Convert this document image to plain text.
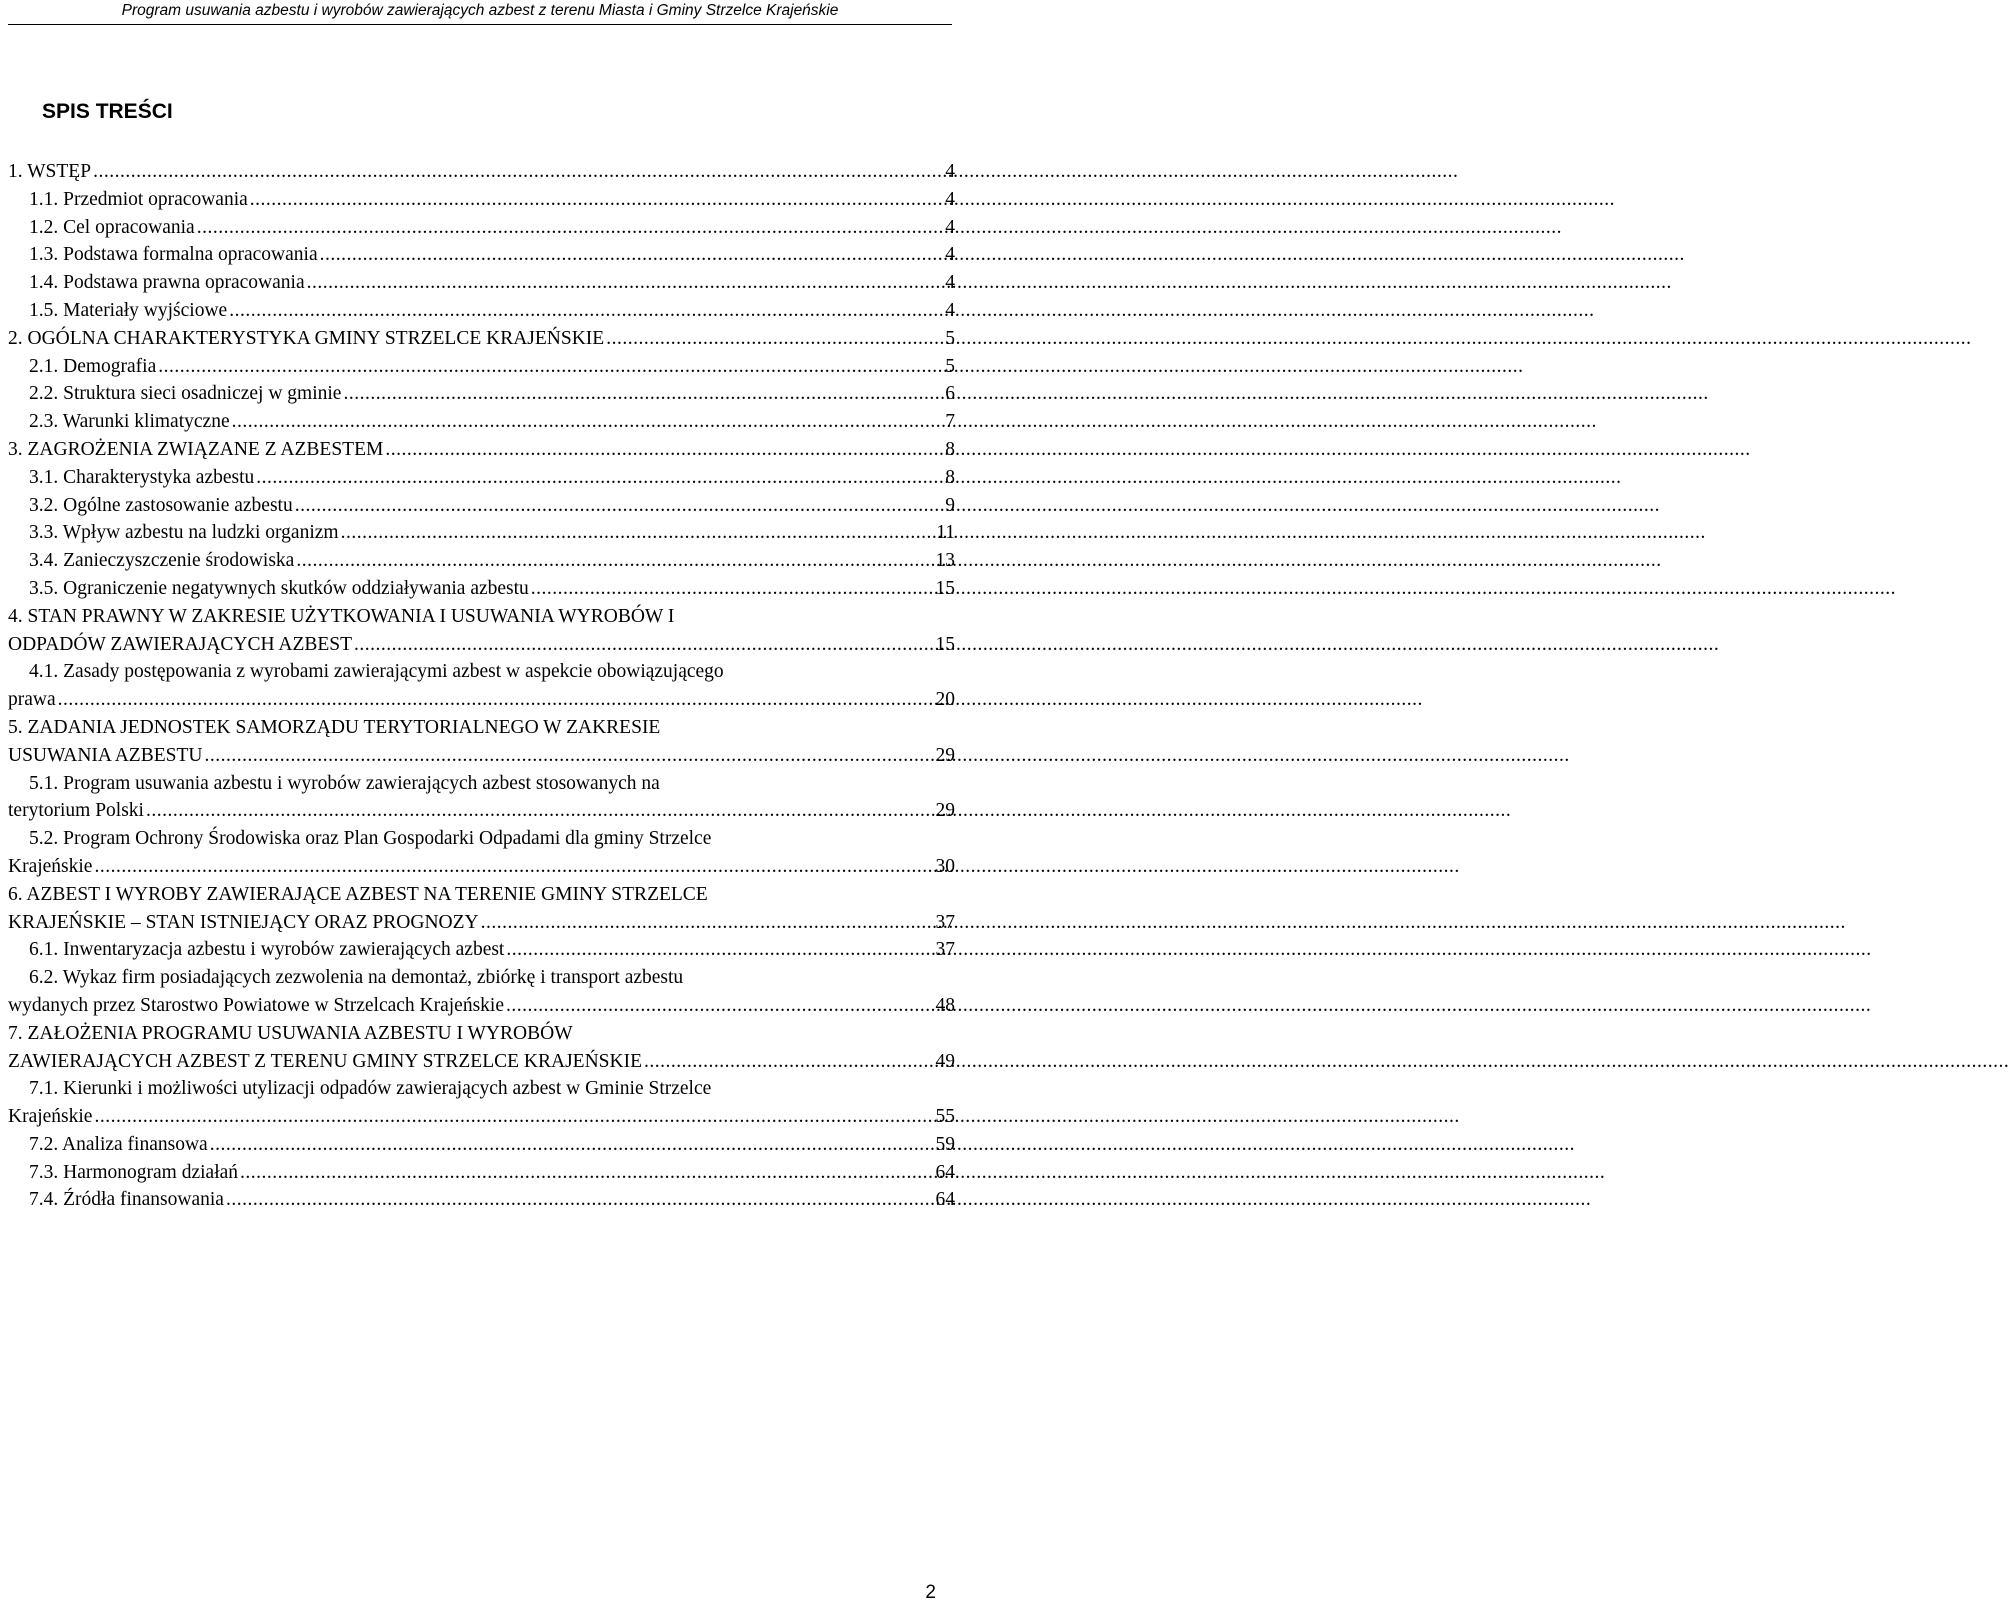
Program usuwania azbestu i wyrobów zawierających azbest z terenu Miasta i Gminy Strzelce Krajeńskie
SPIS TREŚCI
1. WSTĘP .....	4
1.1. Przedmiot opracowania .....	4
1.2. Cel opracowania .....	4
1.3. Podstawa formalna opracowania .....	4
1.4. Podstawa prawna opracowania .....	4
1.5. Materiały wyjściowe .....	4
2. OGÓLNA CHARAKTERYSTYKA GMINY STRZELCE KRAJEŃSKIE .....	5
2.1. Demografia .....	5
2.2. Struktura sieci osadniczej w gminie .....	6
2.3. Warunki klimatyczne .....	7
3. ZAGROŻENIA ZWIĄZANE Z AZBESTEM .....	8
3.1. Charakterystyka azbestu .....	8
3.2. Ogólne zastosowanie azbestu .....	9
3.3. Wpływ azbestu na ludzki organizm .....	11
3.4. Zanieczyszczenie środowiska .....	13
3.5. Ograniczenie negatywnych skutków oddziaływania azbestu .....	15
4. STAN PRAWNY W ZAKRESIE UŻYTKOWANIA I USUWANIA WYROBÓW I
ODPADÓW ZAWIERAJĄCYCH AZBEST .....	15
4.1. Zasady postępowania z wyrobami zawierającymi azbest w aspekcie obowiązującego
prawa .....	20
5. ZADANIA JEDNOSTEK SAMORZĄDU TERYTORIALNEGO W ZAKRESIE
USUWANIA AZBESTU .....	29
5.1. Program usuwania azbestu i wyrobów zawierających azbest stosowanych na
terytorium Polski .....	29
5.2. Program Ochrony Środowiska oraz Plan Gospodarki Odpadami dla gminy Strzelce
Krajeńskie .....	30
6. AZBEST I WYROBY ZAWIERAJĄCE AZBEST NA TERENIE GMINY STRZELCE
KRAJEŃSKIE – STAN ISTNIEJĄCY ORAZ PROGNOZY .....	37
6.1. Inwentaryzacja azbestu i wyrobów zawierających azbest .....	37
6.2. Wykaz firm posiadających zezwolenia na demontaż, zbiórkę i transport azbestu
wydanych przez Starostwo Powiatowe w Strzelcach Krajeńskie .....	48
7. ZAŁOŻENIA PROGRAMU USUWANIA AZBESTU I WYROBÓW
ZAWIERAJĄCYCH AZBEST Z TERENU GMINY STRZELCE KRAJEŃSKIE .....	49
7.1. Kierunki i możliwości utylizacji odpadów zawierających azbest w Gminie Strzelce
Krajeńskie .....	55
7.2. Analiza finansowa .....	59
7.3. Harmonogram działań .....	64
7.4. Źródła finansowania .....	64
2
